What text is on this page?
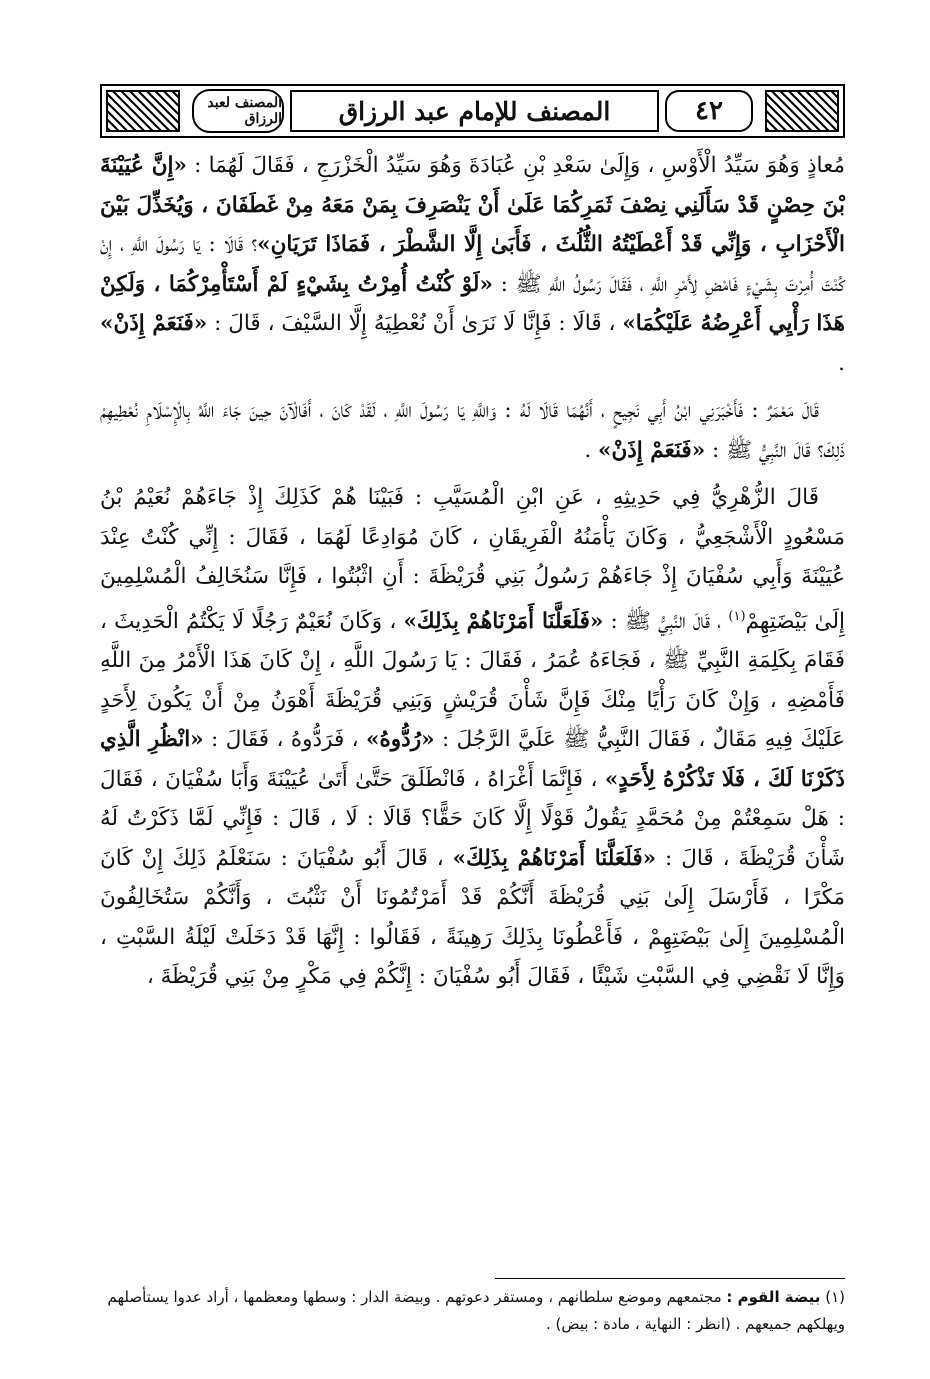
المصنف لعبد الرزاق	المصنف للإمام عبد الرزاق	٤٢

مُعاذٍ وَهُوَ سَيِّدُ الْأَوْسِ ، وَإِلَىٰ سَعْدِ بْنِ عُبَادَةَ وَهُوَ سَيِّدُ الْخَزْرَجِ ، فَقَالَ لَهُمَا : «إِنَّ عُيَيْنَةَ بْنَ حِصْنٍ قَدْ سَأَلَنِي نِصْفَ ثَمَرِكُمَا عَلَىٰ أَنْ يَنْصَرِفَ بِمَنْ مَعَهُ مِنْ غَطَفَانَ ، وَيُخَذِّلَ بَيْنَ الْأَحْزَابِ ، وَإِنِّي قَدْ أَعْطَيْتُهُ الثُّلُثَ ، فَأَبَىٰ إِلَّا الشَّطْرَ ، فَمَاذَا تَرَيَانِ»؟ قَالَا : يَا رَسُولَ اللَّهِ ، إِنْ كُنْتَ أُمِرْتَ بِشَيْءٍ فَامْضِ لِأَمْرِ اللَّهِ ، فَقَالَ رَسُولُ اللَّهِ ﷺ : «لَوْ كُنْتُ أُمِرْتُ بِشَيْءٍ لَمْ أَسْتَأْمِرْكُمَا ، وَلَكِنْ هَذَا رَأْيِي أَعْرِضُهُ عَلَيْكُمَا» ، قَالَا : فَإِنَّا لَا نَرَىٰ أَنْ نُعْطِيَهُ إِلَّا السَّيْفَ ، قَالَ : «فَنَعَمْ إِذَنْ» .

قَالَ مَعْمَرٌ : فَأَخْبَرَنِي ابْنُ أَبِي نَجِيحٍ ، أَنَّهُمَا قَالَا لَهُ : وَاللَّهِ يَا رَسُولَ اللَّهِ ، لَقَدْ كَانَ ، أَفَالْآنَ حِينَ جَاءَ اللَّهُ بِالْإِسْلَامِ نُعْطِيهِمْ ذَلِكَ؟ قَالَ النَّبِيُّ ﷺ : «فَنَعَمْ إِذَنْ» .

قَالَ الزُّهْرِيُّ فِي حَدِيثِهِ ، عَنِ ابْنِ الْمُسَيَّبِ : فَبَيْنَا هُمْ كَذَلِكَ إِذْ جَاءَهُمْ نُعَيْمُ بْنُ مَسْعُودٍ الْأَشْجَعِيُّ ، وَكَانَ يَأْمَنُهُ الْفَرِيقَانِ ، كَانَ مُوَادِعًا لَهُمَا ، فَقَالَ : إِنِّي كُنْتُ عِنْدَ عُيَيْنَةَ وَأَبِي سُفْيَانَ إِذْ جَاءَهُمْ رَسُولُ بَنِي قُرَيْظَةَ : أَنِ اثْبُتُوا ، فَإِنَّا سَنُخَالِفُ الْمُسْلِمِينَ إِلَىٰ بَيْضَتِهِمْ$^{(١)}$ ، قَالَ النَّبِيُّ ﷺ : «فَلَعَلَّنَا أَمَرْنَاهُمْ بِذَلِكَ» ، وَكَانَ نُعَيْمٌ رَجُلًا لَا يَكْتُمُ الْحَدِيثَ ، فَقَامَ بِكَلِمَةِ النَّبِيِّ ﷺ ، فَجَاءَهُ عُمَرُ ، فَقَالَ : يَا رَسُولَ اللَّهِ ، إِنْ كَانَ هَذَا الْأَمْرُ مِنَ اللَّهِ فَأَمْضِهِ ، وَإِنْ كَانَ رَأْيًا مِنْكَ فَإِنَّ شَأْنَ قُرَيْشٍ وَبَنِي قُرَيْظَةَ أَهْوَنُ مِنْ أَنْ يَكُونَ لِأَحَدٍ عَلَيْكَ فِيهِ مَقَالٌ ، فَقَالَ النَّبِيُّ ﷺ عَلَيَّ الرَّجُلَ : «رُدُّوهُ» ، فَرَدُّوهُ ، فَقَالَ : «انْظُرِ الَّذِي ذَكَرْنَا لَكَ ، فَلَا تَذْكُرْهُ لِأَحَدٍ» ، فَإِنَّمَا أَغْرَاهُ ، فَانْطَلَقَ حَتَّىٰ أَتَىٰ عُيَيْنَةَ وَأَبَا سُفْيَانَ ، فَقَالَ : هَلْ سَمِعْتُمْ مِنْ مُحَمَّدٍ يَقُولُ قَوْلًا إِلَّا كَانَ حَقًّا؟ قَالَا : لَا ، قَالَ : فَإِنِّي لَمَّا ذَكَرْتُ لَهُ شَأْنَ قُرَيْظَةَ ، قَالَ : «فَلَعَلَّنَا أَمَرْنَاهُمْ بِذَلِكَ» ، قَالَ أَبُو سُفْيَانَ : سَنَعْلَمُ ذَلِكَ إِنْ كَانَ مَكْرًا ، فَأَرْسَلَ إِلَىٰ بَنِي قُرَيْظَةَ أَنَّكُمْ قَدْ أَمَرْتُمُونَا أَنْ نَثْبُتَ ، وَأَنَّكُمْ سَتُخَالِفُونَ الْمُسْلِمِينَ إِلَىٰ بَيْضَتِهِمْ ، فَأَعْطُونَا بِذَلِكَ رَهِينَةً ، فَقَالُوا : إِنَّهَا قَدْ دَخَلَتْ لَيْلَةُ السَّبْتِ ، وَإِنَّا لَا نَقْضِي فِي السَّبْتِ شَيْئًا ، فَقَالَ أَبُو سُفْيَانَ : إِنَّكُمْ فِي مَكْرٍ مِنْ بَنِي قُرَيْظَةَ ،

(١) بيضة القوم : مجتمعهم وموضع سلطانهم ، ومستقر دعوتهم . وبيضة الدار : وسطها ومعظمها ، أراد عدوا يستأصلهم ويهلكهم جميعهم . (انظر : النهاية ، مادة : بيض) .
